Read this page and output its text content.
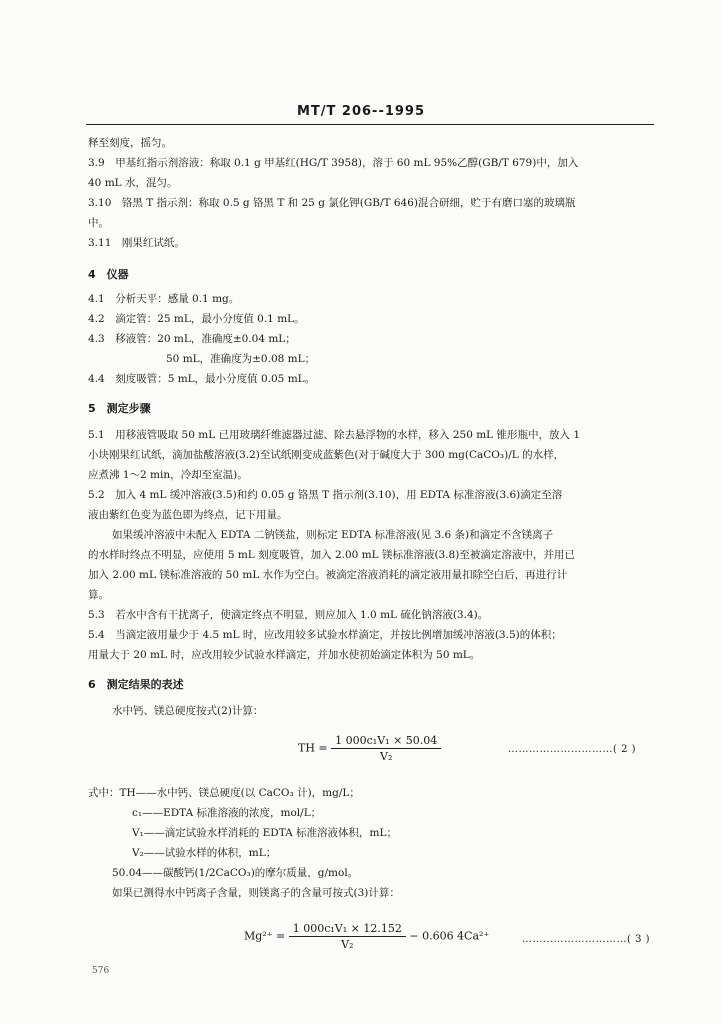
MT/T 206--1995
释至刻度，摇匀。
3.9　甲基红指示剂溶液：称取 0.1 g 甲基红(HG/T 3958)，溶于 60 mL 95%乙醇(GB/T 679)中，加入
40 mL 水，混匀。
3.10　铬黑 T 指示剂：称取 0.5 g 铬黑 T 和 25 g 氯化钾(GB/T 646)混合研细，贮于有磨口塞的玻璃瓶
中。
3.11　刚果红试纸。
4　仪器
4.1　分析天平：感量 0.1 mg。
4.2　滴定管：25 mL，最小分度值 0.1 mL。
4.3　移液管：20 mL，准确度±0.04 mL；
50 mL，准确度为±0.08 mL；
4.4　刻度吸管：5 mL，最小分度值 0.05 mL。
5　测定步骤
5.1　用移液管吸取 50 mL 已用玻璃纤维滤器过滤、除去悬浮物的水样，移入 250 mL 锥形瓶中，放入 1
小块刚果红试纸，滴加盐酸溶液(3.2)至试纸刚变成蓝紫色(对于碱度大于 300 mg(CaCO₃)/L 的水样，
应煮沸 1～2 min，冷却至室温)。
5.2　加入 4 mL 缓冲溶液(3.5)和约 0.05 g 铬黑 T 指示剂(3.10)，用 EDTA 标准溶液(3.6)滴定至溶
液由紫红色变为蓝色即为终点，记下用量。
如果缓冲溶液中未配入 EDTA 二钠镁盐，则标定 EDTA 标准溶液(见 3.6 条)和滴定不含镁离子
的水样时终点不明显，应使用 5 mL 刻度吸管，加入 2.00 mL 镁标准溶液(3.8)至被滴定溶液中，并用已
加入 2.00 mL 镁标准溶液的 50 mL 水作为空白。被滴定溶液消耗的滴定液用量扣除空白后，再进行计
算。
5.3　若水中含有干扰离子，使滴定终点不明显，则应加入 1.0 mL 硫化钠溶液(3.4)。
5.4　当滴定液用量少于 4.5 mL 时，应改用较多试验水样滴定，并按比例增加缓冲溶液(3.5)的体积；
用量大于 20 mL 时，应改用较少试验水样滴定，并加水使初始滴定体积为 50 mL。
6　测定结果的表述
水中钙、镁总硬度按式(2)计算：
TH = $\frac{\text{1 000c₁V₁ × 50.04}}{\text{V₂}}$	…………………………( 2 )
式中：TH——水中钙、镁总硬度(以 CaCO₃ 计)，mg/L；
c₁——EDTA 标准溶液的浓度，mol/L；
V₁——滴定试验水样消耗的 EDTA 标准溶液体积，mL；
V₂——试验水样的体积，mL；
50.04——碳酸钙(1/2CaCO₃)的摩尔质量，g/mol。
如果已测得水中钙离子含量，则镁离子的含量可按式(3)计算：
$Mg^{2+} = \frac{\text{1 000c₁V₁ × 12.152}}{\text{V₂}} - 0.606$ 4Ca²⁺	…………………………( 3 )
576
